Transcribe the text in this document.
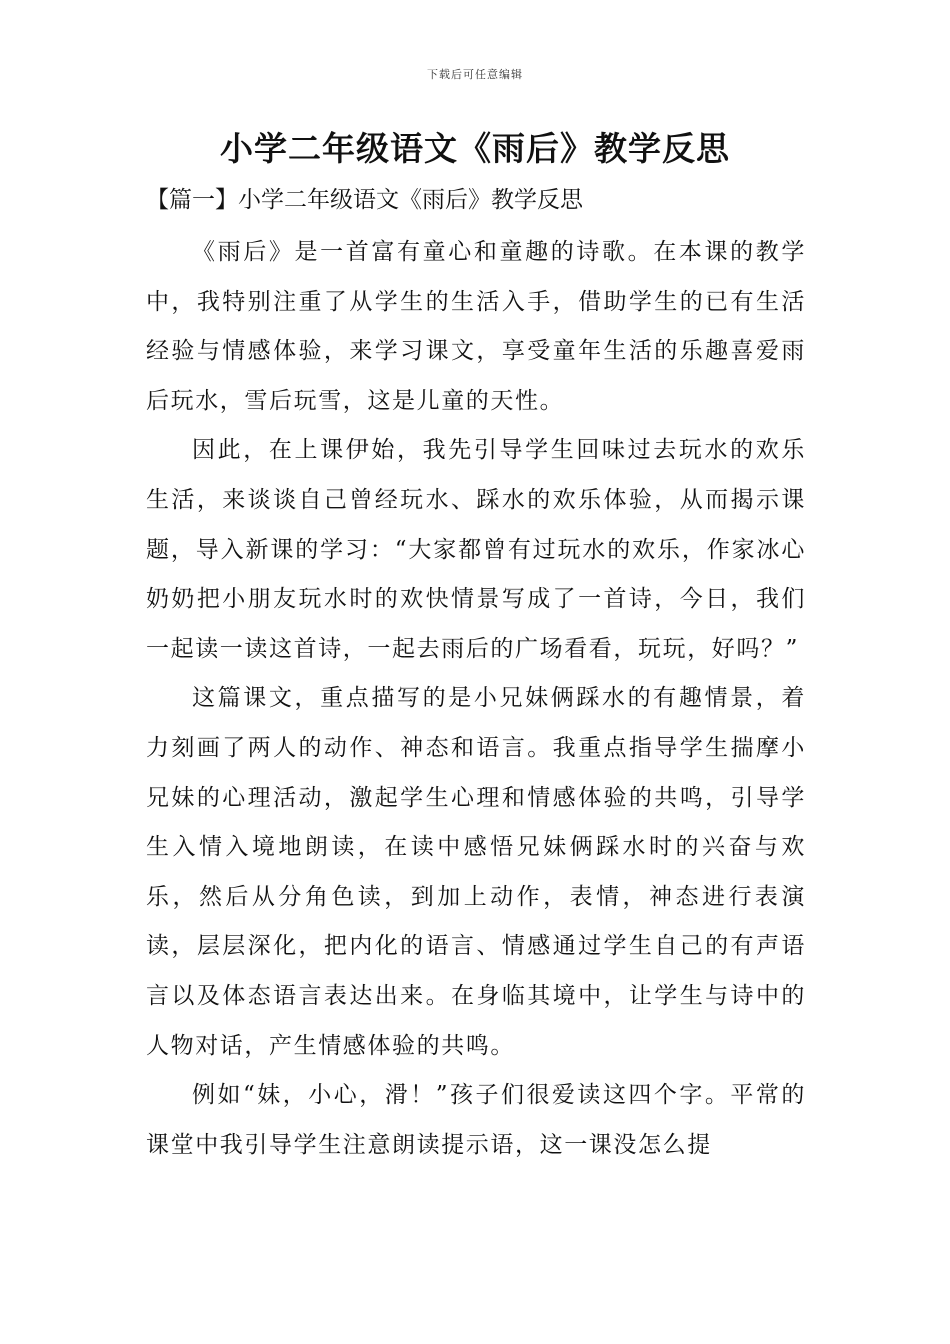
下载后可任意编辑
小学二年级语文《雨后》教学反思
【篇一】小学二年级语文《雨后》教学反思

《雨后》是一首富有童心和童趣的诗歌。在本课的教学中，我特别注重了从学生的生活入手，借助学生的已有生活经验与情感体验，来学习课文，享受童年生活的乐趣喜爱雨后玩水，雪后玩雪，这是儿童的天性。

因此，在上课伊始，我先引导学生回味过去玩水的欢乐生活，来谈谈自己曾经玩水、踩水的欢乐体验，从而揭示课题，导入新课的学习：“大家都曾有过玩水的欢乐，作家冰心奶奶把小朋友玩水时的欢快情景写成了一首诗，今日，我们一起读一读这首诗，一起去雨后的广场看看，玩玩，好吗？”

这篇课文，重点描写的是小兄妹俩踩水的有趣情景，着力刻画了两人的动作、神态和语言。我重点指导学生揣摩小兄妹的心理活动，激起学生心理和情感体验的共鸣，引导学生入情入境地朗读，在读中感悟兄妹俩踩水时的兴奋与欢乐，然后从分角色读，到加上动作，表情，神态进行表演读，层层深化，把内化的语言、情感通过学生自己的有声语言以及体态语言表达出来。在身临其境中，让学生与诗中的人物对话，产生情感体验的共鸣。

例如“妹，小心，滑！”孩子们很爱读这四个字。平常的课堂中我引导学生注意朗读提示语，这一课没怎么提
